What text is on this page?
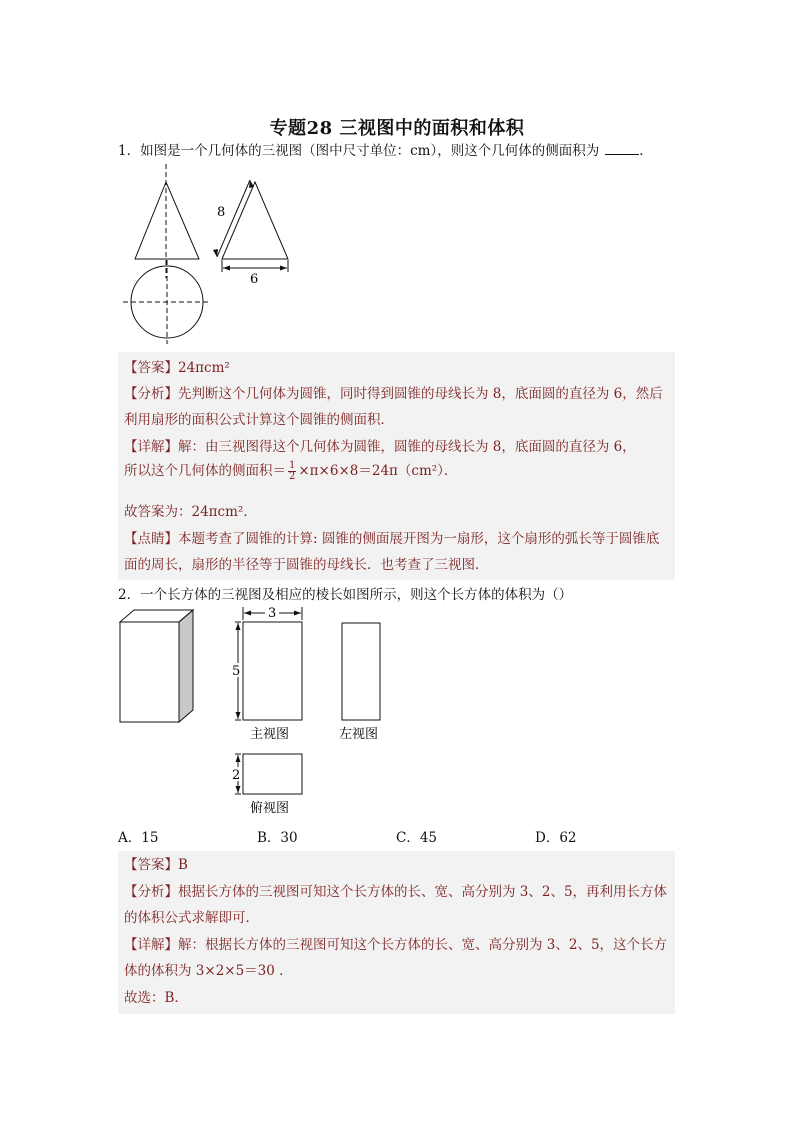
专题28 三视图中的面积和体积
1．如图是一个几何体的三视图（图中尺寸单位：cm），则这个几何体的侧面积为	．
8
6
【答案】24πcm²
【分析】先判断这个几何体为圆锥，同时得到圆锥的母线长为 8，底面圆的直径为 6，然后
利用扇形的面积公式计算这个圆锥的侧面积．
【详解】解：由三视图得这个几何体为圆锥，圆锥的母线长为 8，底面圆的直径为 6，
所以这个几何体的侧面积＝ $\frac{1}{2} \times\pi\times 6\times 8=24\pi(cm^2)$．
故答案为：24πcm²．
【点睛】本题考查了圆锥的计算: 圆锥的侧面展开图为一扇形，这个扇形的弧长等于圆锥底
面的周长，扇形的半径等于圆锥的母线长．也考查了三视图．
2．一个长方体的三视图及相应的棱长如图所示，则这个长方体的体积为（）
3
5
主视图	左视图
2
俯视图
A．15	B．30	C．45	D．62
【答案】B
【分析】根据长方体的三视图可知这个长方体的长、宽、高分别为 3、2、5，再利用长方体
的体积公式求解即可．
【详解】解：根据长方体的三视图可知这个长方体的长、宽、高分别为 3、2、5，这个长方
体的体积为 3×2×5＝30 ．
故选：B．
